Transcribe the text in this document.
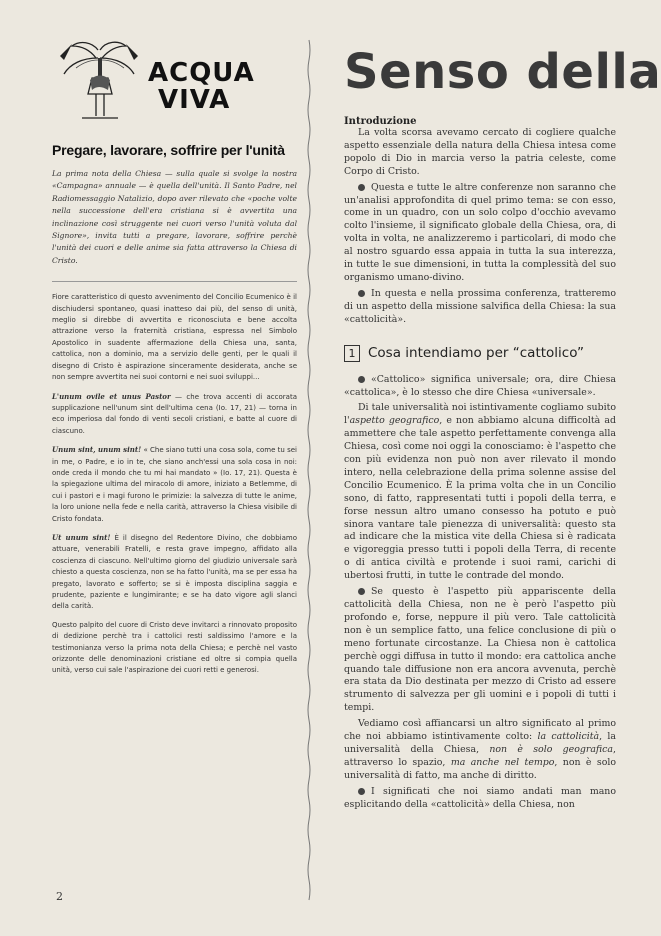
ACQUA
VIVA
Pregare, lavorare, soffrire per l'unità

La prima nota della Chiesa — sulla quale si svolge la nostra «Campagna» annuale — è quella dell'unità. Il Santo Padre, nel Radiomessaggio Natalizio, dopo aver rilevato che «poche volte nella successione dell'era cristiana si è avvertita una inclinazione così struggente nei cuori verso l'unità voluta dal Signore», invita tutti a pregare, lavorare, soffrire perchè l'unità dei cuori e delle anime sia fatta attraverso la Chiesa di Cristo.

Fiore caratteristico di questo avvenimento del Concilio Ecumenico è il dischiudersi spontaneo, quasi inatteso dai più, del senso di unità, meglio si direbbe di avvertita e riconosciuta e bene accolta attrazione verso la fraternità cristiana, espressa nel Simbolo Apostolico in suadente affermazione della Chiesa una, santa, cattolica, non a dominio, ma a servizio delle genti, per le quali il disegno di Cristo è aspirazione sinceramente desiderata, anche se non sempre avvertita nei suoi contorni e nei suoi sviluppi...

L'unum ovile et unus Pastor — che trova accenti di accorata supplicazione nell'unum sint dell'ultima cena (Io. 17, 21) — torna in eco imperiosa dal fondo di venti secoli cristiani, e batte al cuore di ciascuno.

Unum sint, unum sint! « Che siano tutti una cosa sola, come tu sei in me, o Padre, e io in te, che siano anch'essi una sola cosa in noi: onde creda il mondo che tu mi hai mandato » (Io. 17, 21). Questa è la spiegazione ultima del miracolo di amore, iniziato a Betlemme, di cui i pastori e i magi furono le primizie: la salvezza di tutte le anime, la loro unione nella fede e nella carità, attraverso la Chiesa visibile di Cristo fondata.

Ut unum sint! È il disegno del Redentore Divino, che dobbiamo attuare, venerabili Fratelli, e resta grave impegno, affidato alla coscienza di ciascuno. Nell'ultimo giorno del giudizio universale sarà chiesto a questa coscienza, non se ha fatto l'unità, ma se per essa ha pregato, lavorato e sofferto; se si è imposta disciplina saggia e prudente, paziente e lungimirante; e se ha dato vigore agli slanci della carità.

Questo palpito del cuore di Cristo deve invitarci a rinnovato proposito di dedizione perchè tra i cattolici resti saldissimo l'amore e la testimonianza verso la prima nota della Chiesa; e perchè nel vasto orizzonte delle denominazioni cristiane ed oltre si compia quella unità, verso cui sale l'aspirazione dei cuori retti e generosi.

2
Senso della
Introduzione

La volta scorsa avevamo cercato di cogliere qualche aspetto essenziale della natura della Chiesa intesa come popolo di Dio in marcia verso la patria celeste, come Corpo di Cristo.

Questa e tutte le altre conferenze non saranno che un'analisi approfondita di quel primo tema: se con esso, come in un quadro, con un solo colpo d'occhio avevamo colto l'insieme, il significato globale della Chiesa, ora, di volta in volta, ne analizzeremo i particolari, di modo che al nostro sguardo essa appaia in tutta la sua interezza, in tutte le sue dimensioni, in tutta la complessità del suo organismo umano-divino.

In questa e nella prossima conferenza, tratteremo di un aspetto della missione salvifica della Chiesa: la sua «cattolicità».

1 Cosa intendiamo per “cattolico”

«Cattolico» significa universale; ora, dire Chiesa «cattolica», è lo stesso che dire Chiesa «universale».

Di tale universalità noi istintivamente cogliamo subito l'aspetto geografico, e non abbiamo alcuna difficoltà ad ammettere che tale aspetto perfettamente convenga alla Chiesa, così come noi oggi la conosciamo: è l'aspetto che con più evidenza non può non aver rilevato il mondo intero, nella celebrazione della prima solenne assise del Concilio Ecumenico. È la prima volta che in un Concilio sono, di fatto, rappresentati tutti i popoli della terra, e forse nessun altro umano consesso ha potuto e può sinora vantare tale pienezza di universalità: questo sta ad indicare che la mistica vite della Chiesa si è radicata e vigoreggia presso tutti i popoli della Terra, di recente o di antica civiltà e protende i suoi rami, carichi di ubertosi frutti, in tutte le contrade del mondo.

Se questo è l'aspetto più appariscente della cattolicità della Chiesa, non ne è però l'aspetto più profondo e, forse, neppure il più vero. Tale cattolicità non è un semplice fatto, una felice conclusione di più o meno fortunate circostanze. La Chiesa non è cattolica perchè oggi diffusa in tutto il mondo: era cattolica anche quando tale diffusione non era ancora avvenuta, perchè era stata da Dio destinata per mezzo di Cristo ad essere strumento di salvezza per gli uomini e i popoli di tutti i tempi.

Vediamo così affiancarsi un altro significato al primo che noi abbiamo istintivamente colto: la cattolicità, la universalità della Chiesa, non è solo geografica, attraverso lo spazio, ma anche nel tempo, non è solo universalità di fatto, ma anche di diritto.

I significati che noi siamo andati man mano esplicitando della «cattolicità» della Chiesa, non
